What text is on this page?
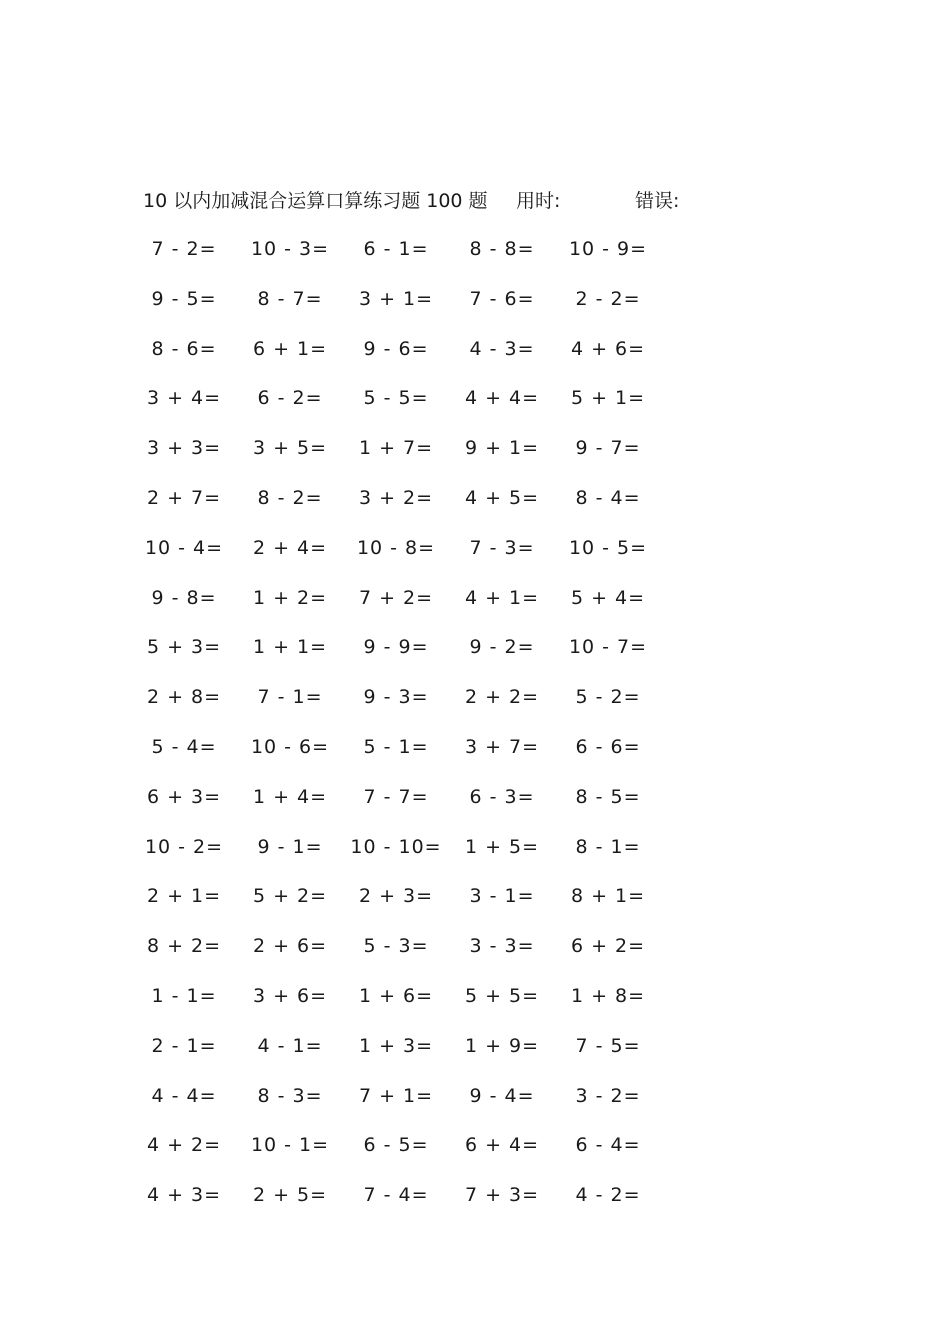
10 以内加减混合运算口算练习题 100 题 用时:	错误:
7 - 2=	10 - 3=	6 - 1=	8 - 8=	10 - 9=
9 - 5=	8 - 7=	3 + 1=	7 - 6=	2 - 2=
8 - 6=	6 + 1=	9 - 6=	4 - 3=	4 + 6=
3 + 4=	6 - 2=	5 - 5=	4 + 4=	5 + 1=
3 + 3=	3 + 5=	1 + 7=	9 + 1=	9 - 7=
2 + 7=	8 - 2=	3 + 2=	4 + 5=	8 - 4=
10 - 4=	2 + 4=	10 - 8=	7 - 3=	10 - 5=
9 - 8=	1 + 2=	7 + 2=	4 + 1=	5 + 4=
5 + 3=	1 + 1=	9 - 9=	9 - 2=	10 - 7=
2 + 8=	7 - 1=	9 - 3=	2 + 2=	5 - 2=
5 - 4=	10 - 6=	5 - 1=	3 + 7=	6 - 6=
6 + 3=	1 + 4=	7 - 7=	6 - 3=	8 - 5=
10 - 2=	9 - 1=	10 - 10=	1 + 5=	8 - 1=
2 + 1=	5 + 2=	2 + 3=	3 - 1=	8 + 1=
8 + 2=	2 + 6=	5 - 3=	3 - 3=	6 + 2=
1 - 1=	3 + 6=	1 + 6=	5 + 5=	1 + 8=
2 - 1=	4 - 1=	1 + 3=	1 + 9=	7 - 5=
4 - 4=	8 - 3=	7 + 1=	9 - 4=	3 - 2=
4 + 2=	10 - 1=	6 - 5=	6 + 4=	6 - 4=
4 + 3=	2 + 5=	7 - 4=	7 + 3=	4 - 2=
